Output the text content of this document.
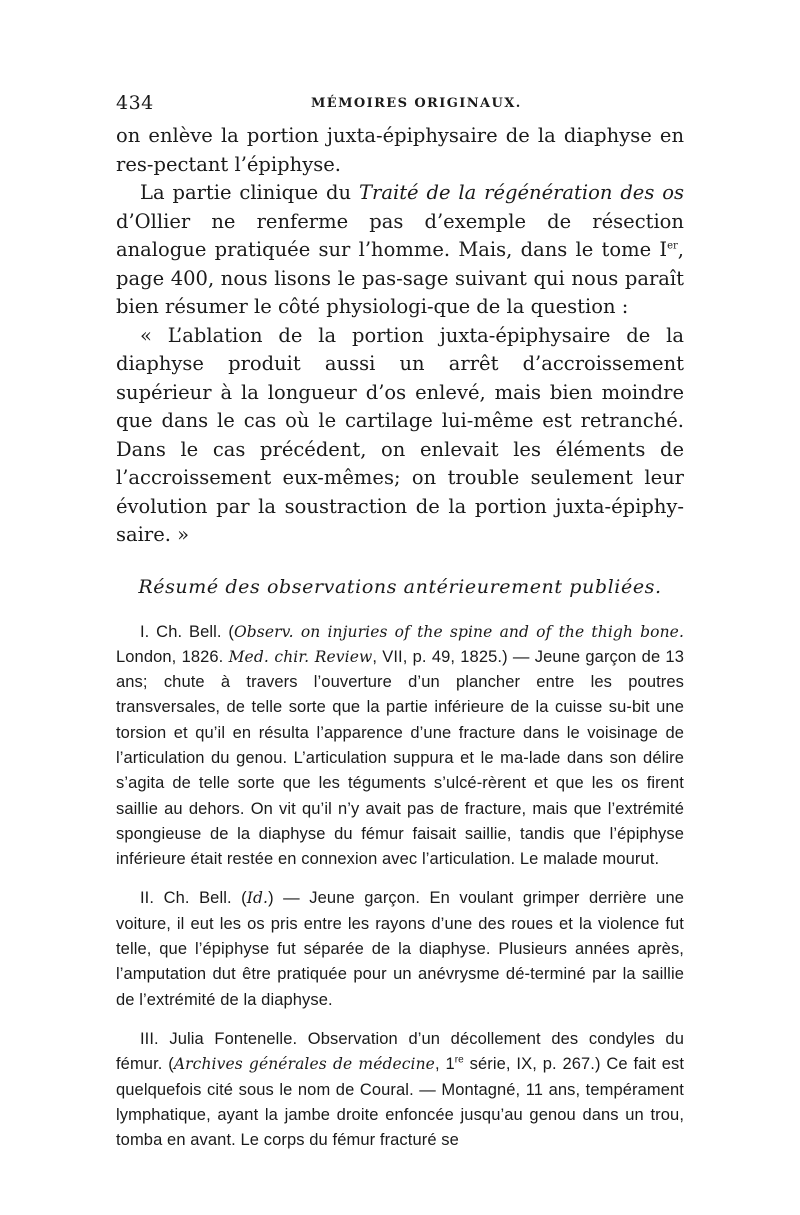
434	MÉMOIRES ORIGINAUX.

on enlève la portion juxta-épiphysaire de la diaphyse en res-pectant l’épiphyse.

La partie clinique du Traité de la régénération des os d’Ollier ne renferme pas d’exemple de résection analogue pratiquée sur l’homme. Mais, dans le tome Ier, page 400, nous lisons le pas-sage suivant qui nous paraît bien résumer le côté physiologi-que de la question :

« L’ablation de la portion juxta-épiphysaire de la diaphyse produit aussi un arrêt d’accroissement supérieur à la longueur d’os enlevé, mais bien moindre que dans le cas où le cartilage lui-même est retranché. Dans le cas précédent, on enlevait les éléments de l’accroissement eux-mêmes; on trouble seulement leur évolution par la soustraction de la portion juxta-épiphy-saire. »

Résumé des observations antérieurement publiées.

I. Ch. Bell. (Observ. on injuries of the spine and of the thigh bone. London, 1826. Med. chir. Review, VII, p. 49, 1825.) — Jeune garçon de 13 ans; chute à travers l’ouverture d’un plancher entre les poutres transversales, de telle sorte que la partie inférieure de la cuisse su-bit une torsion et qu’il en résulta l’apparence d’une fracture dans le voisinage de l’articulation du genou. L’articulation suppura et le ma-lade dans son délire s’agita de telle sorte que les téguments s’ulcé-rèrent et que les os firent saillie au dehors. On vit qu’il n’y avait pas de fracture, mais que l’extrémité spongieuse de la diaphyse du fémur faisait saillie, tandis que l’épiphyse inférieure était restée en connexion avec l’articulation. Le malade mourut.

II. Ch. Bell. (Id.) — Jeune garçon. En voulant grimper derrière une voiture, il eut les os pris entre les rayons d’une des roues et la violence fut telle, que l’épiphyse fut séparée de la diaphyse. Plusieurs années après, l’amputation dut être pratiquée pour un anévrysme dé-terminé par la saillie de l’extrémité de la diaphyse.

III. Julia Fontenelle. Observation d’un décollement des condyles du fémur. (Archives générales de médecine, 1re série, IX, p. 267.) Ce fait est quelquefois cité sous le nom de Coural. — Montagné, 11 ans, tempérament lymphatique, ayant la jambe droite enfoncée jusqu’au genou dans un trou, tomba en avant. Le corps du fémur fracturé se
